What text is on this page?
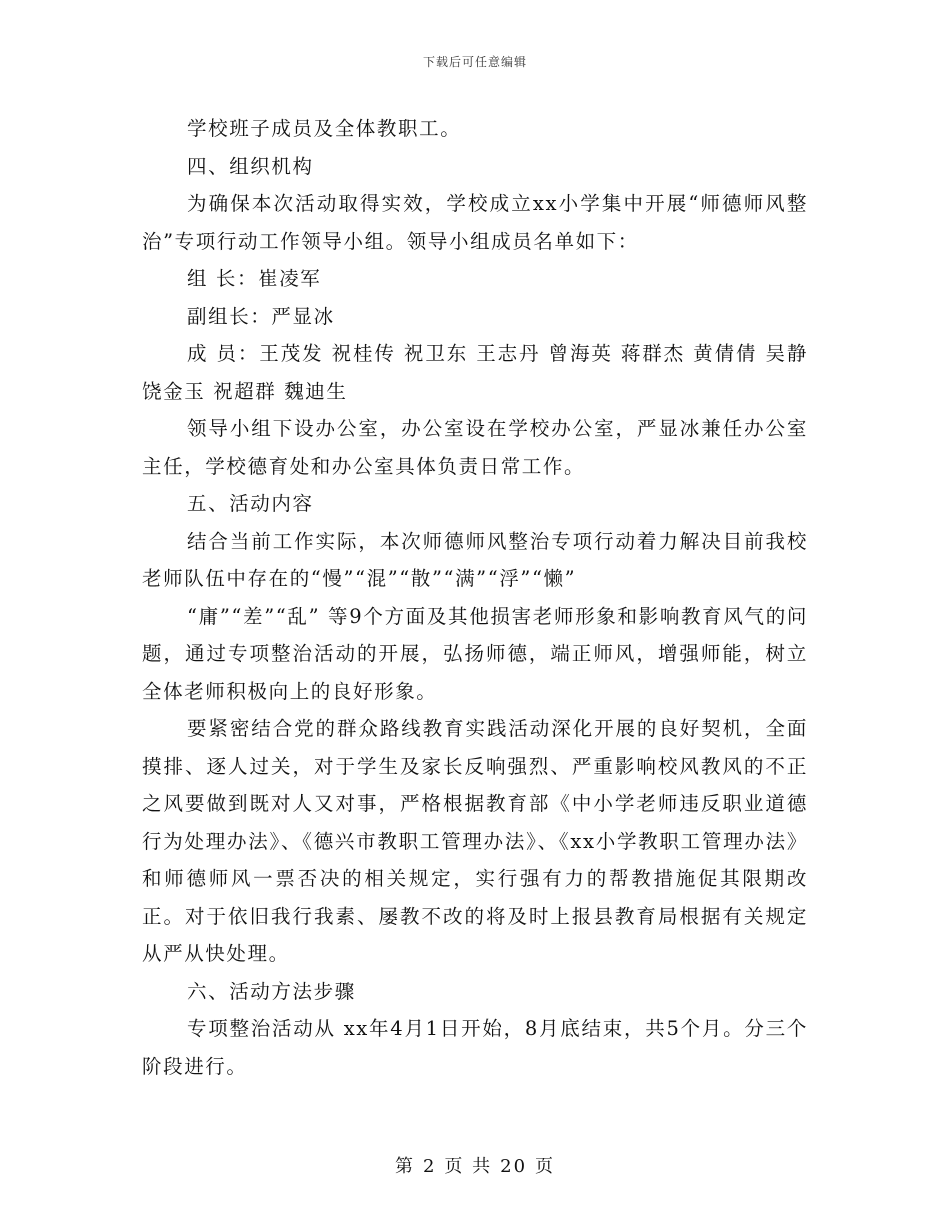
下载后可任意编辑

学校班子成员及全体教职工。

四、组织机构

为确保本次活动取得实效，学校成立xx小学集中开展“师德师风整治”专项行动工作领导小组。领导小组成员名单如下：

组 长：崔凌军

副组长：严显冰

成 员：王茂发 祝桂传 祝卫东 王志丹 曾海英 蒋群杰 黄倩倩 吴静 饶金玉 祝超群 魏迪生

领导小组下设办公室，办公室设在学校办公室，严显冰兼任办公室主任，学校德育处和办公室具体负责日常工作。

五、活动内容

结合当前工作实际，本次师德师风整治专项行动着力解决目前我校老师队伍中存在的“慢”“混”“散”“满”“浮”“懒”

“庸”“差”“乱” 等9个方面及其他损害老师形象和影响教育风气的问题，通过专项整治活动的开展，弘扬师德，端正师风，增强师能，树立全体老师积极向上的良好形象。

要紧密结合党的群众路线教育实践活动深化开展的良好契机，全面摸排、逐人过关，对于学生及家长反响强烈、严重影响校风教风的不正之风要做到既对人又对事，严格根据教育部《中小学老师违反职业道德行为处理办法》、《德兴市教职工管理办法》、《xx小学教职工管理办法》和师德师风一票否决的相关规定，实行强有力的帮教措施促其限期改正。对于依旧我行我素、屡教不改的将及时上报县教育局根据有关规定从严从快处理。

六、活动方法步骤

专项整治活动从 xx年4月1日开始，8月底结束，共5个月。分三个阶段进行。

第 2 页 共 20 页
